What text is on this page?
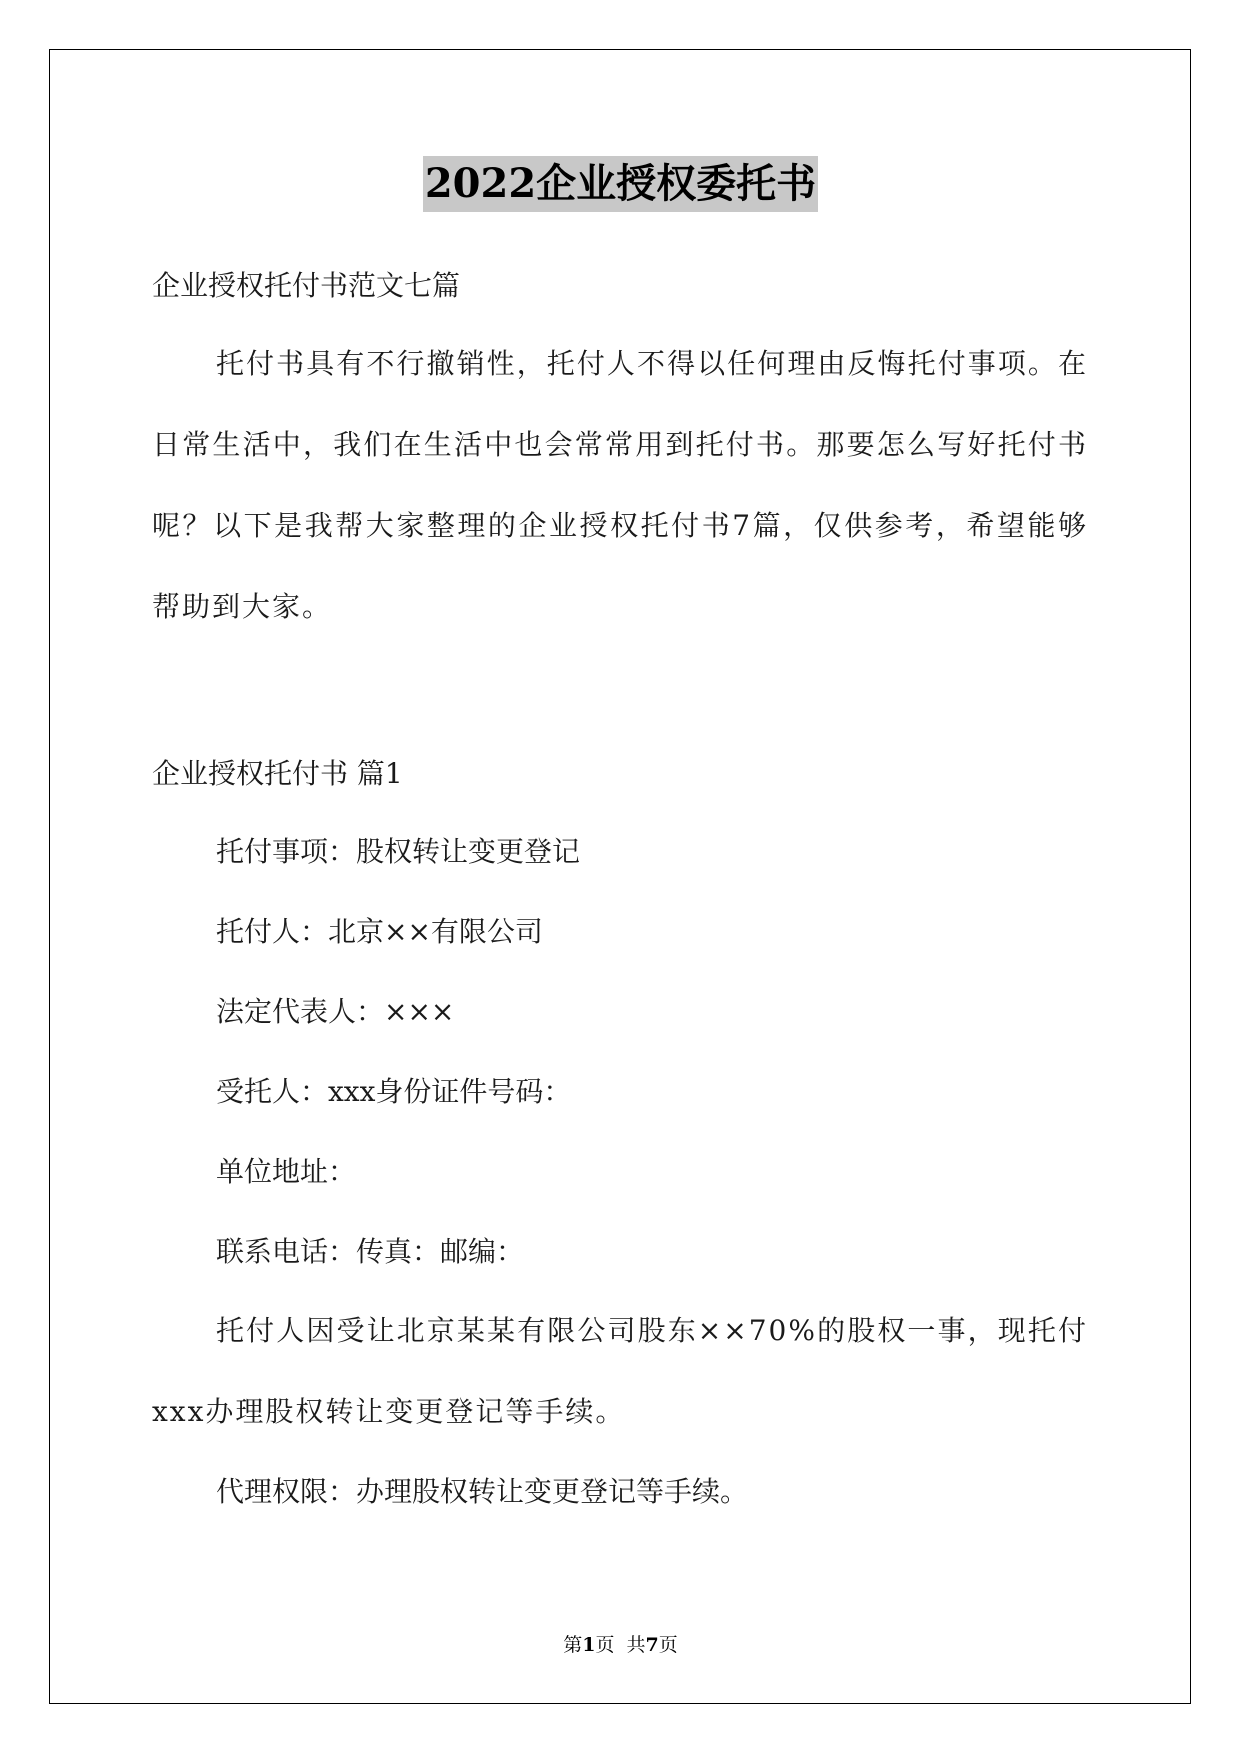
2022企业授权委托书
企业授权托付书范文七篇
托付书具有不行撤销性，托付人不得以任何理由反悔托付事项。在日常生活中，我们在生活中也会常常用到托付书。那要怎么写好托付书呢？以下是我帮大家整理的企业授权托付书7篇，仅供参考，希望能够帮助到大家。
企业授权托付书 篇1
托付事项：股权转让变更登记
托付人：北京××有限公司
法定代表人：×××
受托人：xxx身份证件号码：
单位地址：
联系电话：传真：邮编：
托付人因受让北京某某有限公司股东××70%的股权一事，现托付xxx办理股权转让变更登记等手续。
代理权限：办理股权转让变更登记等手续。
第1页  共7页
